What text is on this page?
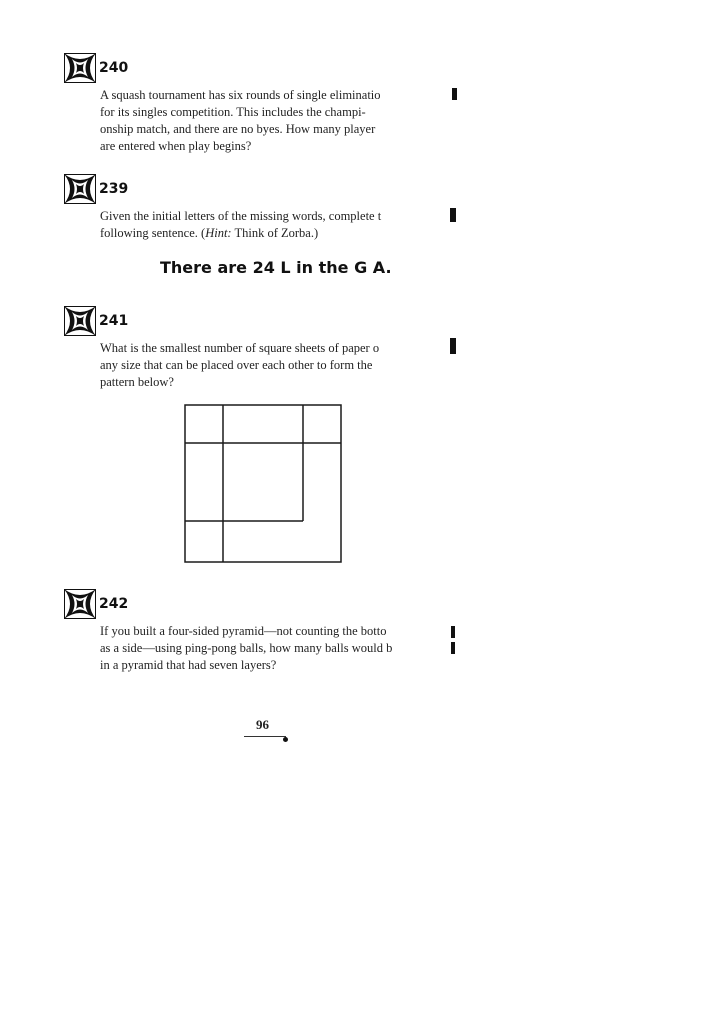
240
A squash tournament has six rounds of single eliminatio
for its singles competition. This includes the champi-
onship match, and there are no byes. How many player
are entered when play begins?
239
Given the initial letters of the missing words, complete t
following sentence. (Hint: Think of Zorba.)
There are 24 L in the G A.
241
What is the smallest number of square sheets of paper o
any size that can be placed over each other to form the
pattern below?
242
If you built a four-sided pyramid—not counting the botto
as a side—using ping-pong balls, how many balls would b
in a pyramid that had seven layers?
96
